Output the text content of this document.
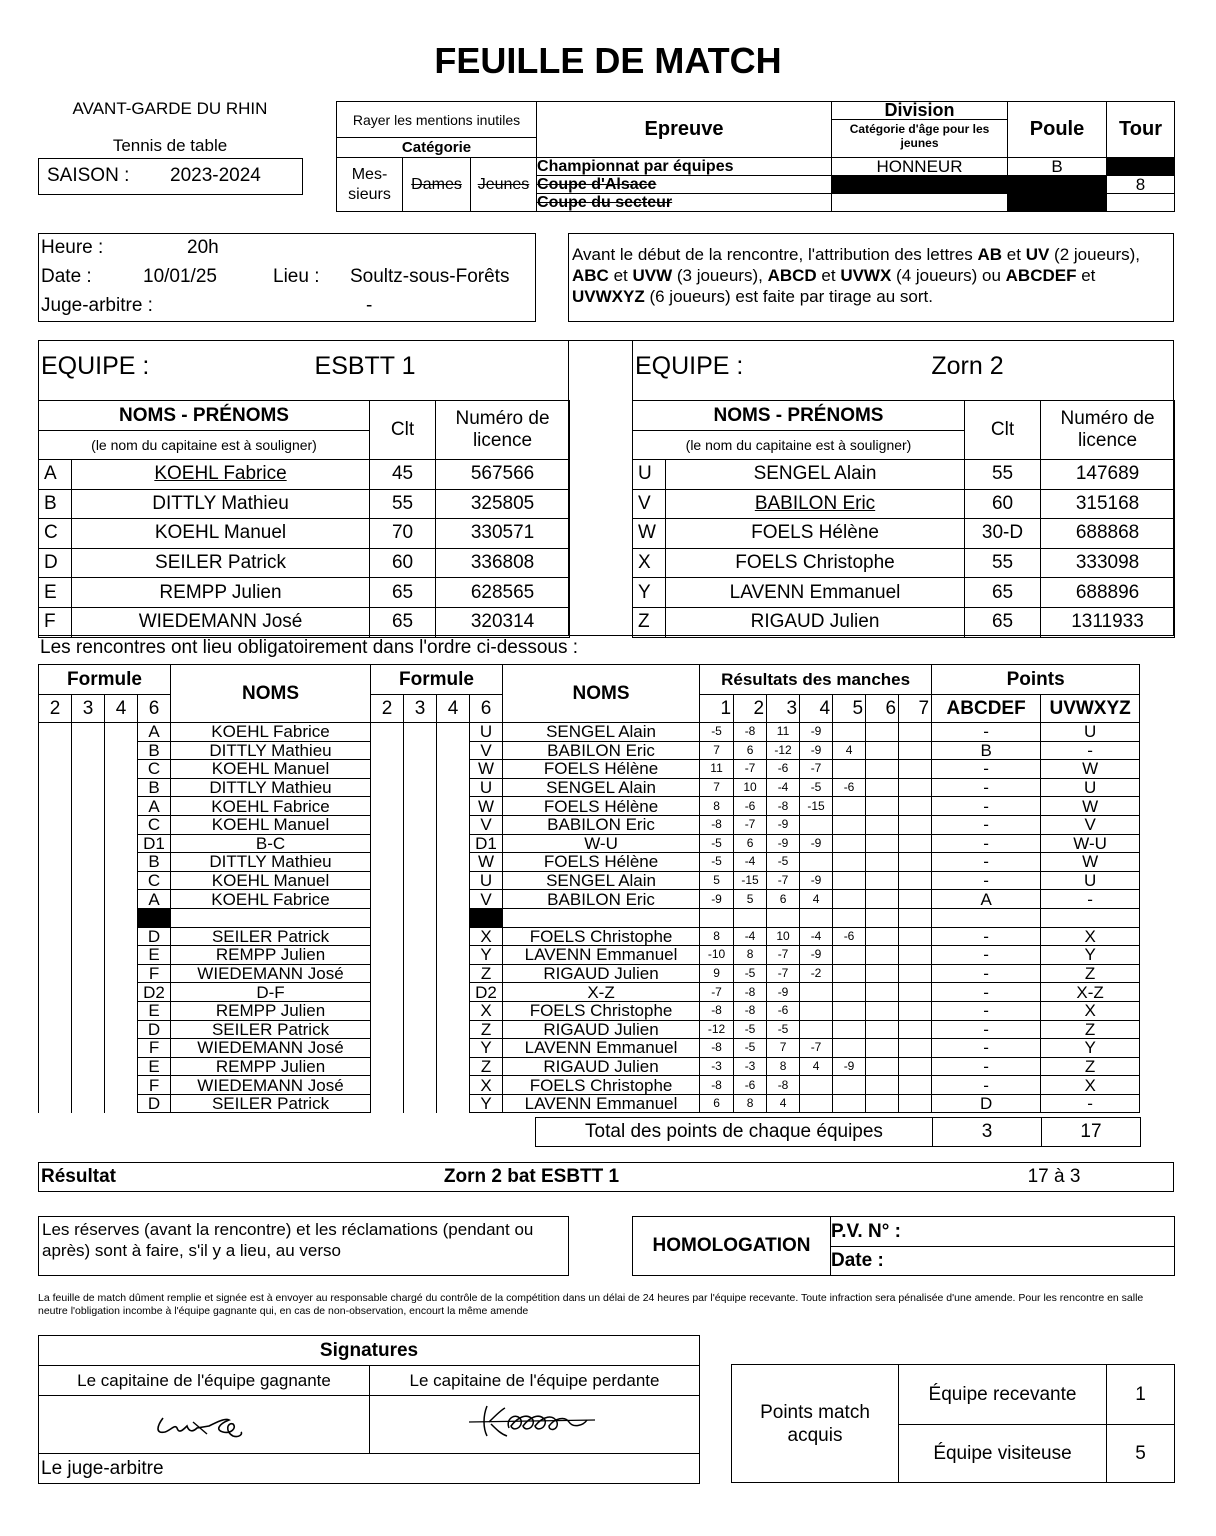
FEUILLE DE MATCH
AVANT-GARDE DU RHIN
Tennis de table
SAISON : 2023-2024
Rayer les mentions inutiles			Epreuve	Division
Catégorie d'âge pour les jeunes	Poule	Tour
Catégorie						
Mes- sieurs	Dames	Jeunes	Championnat par équipes	HONNEUR	B	
			Coupe d'Alsace			8
			Coupe du secteur			
Heure :	20h
Date :	10/01/25	Lieu : Soultz-sous-Forêts
Juge-arbitre :	-
Avant le début de la rencontre, l'attribution des lettres AB et UV (2 joueurs), ABC et UVW (3 joueurs), ABCD et UVWX (4 joueurs) ou ABCDEF et UVWXYZ (6 joueurs) est faite par tirage au sort.
EQUIPE :	ESBTT 1
NOMS - PRÉNOMS		Clt	Numéro de licence
(le nom du capitaine est à souligner)			
A	KOEHL Fabrice	45	567566
B	DITTLY Mathieu	55	325805
C	KOEHL Manuel	70	330571
D	SEILER Patrick	60	336808
E	REMPP Julien	65	628565
F	WIEDEMANN José	65	320314
EQUIPE :	Zorn 2
NOMS - PRÉNOMS		Clt	Numéro de licence
(le nom du capitaine est à souligner)			
U	SENGEL Alain	55	147689
V	BABILON Eric	60	315168
W	FOELS Hélène	30-D	688868
X	FOELS Christophe	55	333098
Y	LAVENN Emmanuel	65	688896
Z	RIGAUD Julien	65	1311933
Les rencontres ont lieu obligatoirement dans l'ordre ci-dessous :
Formule				NOMS	Formule				NOMS	Résultats des manches							Points	
2	3	4	6		2	3	4	6		1	2	3	4	5	6	7	ABCDEF	UVWXYZ
			A	KOEHL Fabrice				U	SENGEL Alain	-5	-8	11	-9				-	U
			B	DITTLY Mathieu				V	BABILON Eric	7	6	-12	-9	4			B	-
			C	KOEHL Manuel				W	FOELS Hélène	11	-7	-6	-7				-	W
			B	DITTLY Mathieu				U	SENGEL Alain	7	10	-4	-5	-6			-	U
			A	KOEHL Fabrice				W	FOELS Hélène	8	-6	-8	-15				-	W
			C	KOEHL Manuel				V	BABILON Eric	-8	-7	-9					-	V
			D1	B-C				D1	W-U	-5	6	-9	-9				-	W-U
			B	DITTLY Mathieu				W	FOELS Hélène	-5	-4	-5					-	W
			C	KOEHL Manuel				U	SENGEL Alain	5	-15	-7	-9				-	U
			A	KOEHL Fabrice				V	BABILON Eric	-9	5	6	4				A	-

			D	SEILER Patrick				X	FOELS Christophe	8	-4	10	-4	-6			-	X
			E	REMPP Julien				Y	LAVENN Emmanuel	-10	8	-7	-9				-	Y
			F	WIEDEMANN José				Z	RIGAUD Julien	9	-5	-7	-2				-	Z
			D2	D-F				D2	X-Z	-7	-8	-9					-	X-Z
			E	REMPP Julien				X	FOELS Christophe	-8	-8	-6					-	X
			D	SEILER Patrick				Z	RIGAUD Julien	-12	-5	-5					-	Z
			F	WIEDEMANN José				Y	LAVENN Emmanuel	-8	-5	7	-7				-	Y
			E	REMPP Julien				Z	RIGAUD Julien	-3	-3	8	4	-9			-	Z
			F	WIEDEMANN José				X	FOELS Christophe	-8	-6	-8					-	X
			D	SEILER Patrick				Y	LAVENN Emmanuel	6	8	4					D	-
Total des points de chaque équipes	3	17
Résultat	Zorn 2 bat ESBTT 1	17 à 3
Les réserves (avant la rencontre) et les réclamations (pendant ou après) sont à faire, s'il y a lieu, au verso	HOMOLOGATION	P.V. N° :
Date :
La feuille de match dûment remplie et signée est à envoyer au responsable chargé du contrôle de la compétition dans un délai de 24 heures par l'équipe recevante. Toute infraction sera pénalisée d'une amende. Pour les rencontre en salle neutre l'obligation incombe à l'équipe gagnante qui, en cas de non-observation, encourt la même amende
Signatures	
Le capitaine de l'équipe gagnante	Le capitaine de l'équipe perdante

Le juge-arbitre	
Points match acquis	Équipe recevante	1
	Équipe visiteuse	5
